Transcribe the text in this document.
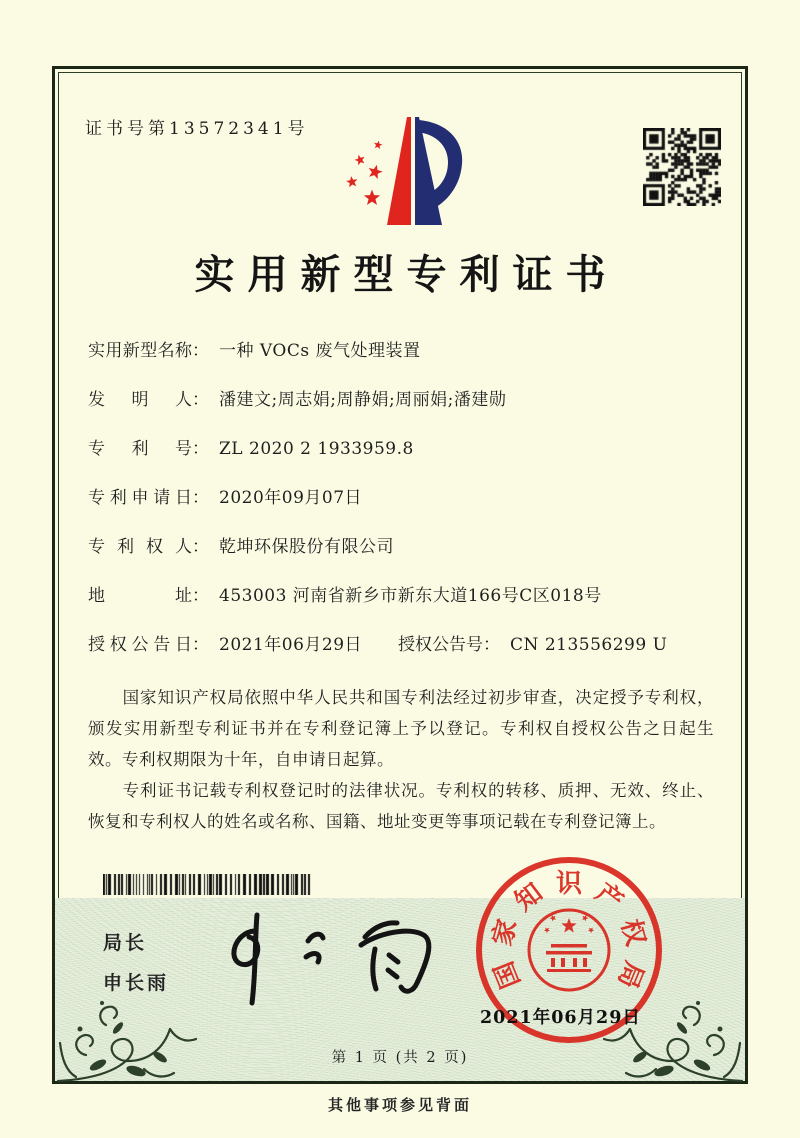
证书号第13572341号
实用新型专利证书
实用新型名称 ： 一种 VOCs 废气处理装置
发明人 ： 潘建文;周志娟;周静娟;周丽娟;潘建勋
专利号 ： ZL 2020 2 1933959.8
专利申请日 ： 2020年09月07日
专利权人 ： 乾坤环保股份有限公司
地址 ： 453003 河南省新乡市新东大道166号C区018号
授权公告日 ： 2021年06月29日 授权公告号 ： CN 213556299 U

国家知识产权局依照中华人民共和国专利法经过初步审查，决定授予专利权，颁发实用新型专利证书并在专利登记簿上予以登记。专利权自授权公告之日起生效。专利权期限为十年，自申请日起算。

专利证书记载专利权登记时的法律状况。专利权的转移、质押、无效、终止、恢复和专利权人的姓名或名称、国籍、地址变更等事项记载在专利登记簿上。

局长
申长雨	国
家
知 识 产
权
局
2021年06月29日
第 1 页 (共 2 页)
其他事项参见背面
